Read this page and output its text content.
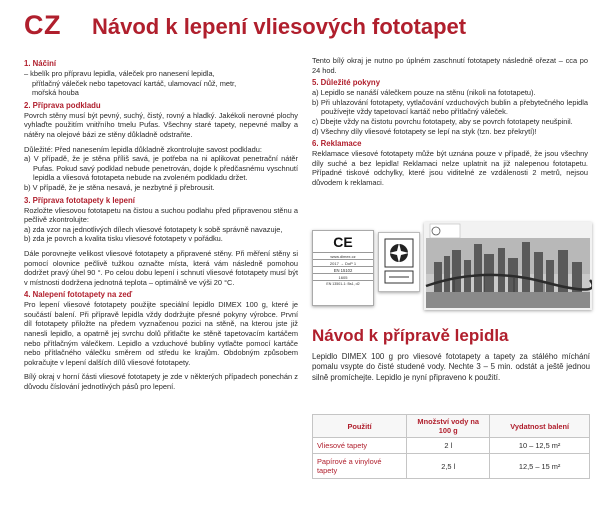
CZ Návod k lepení vliesových fototapet

1. Náčiní

– kbelík pro přípravu lepidla, váleček pro nanesení lepidla,

přítlačný váleček nebo tapetovací kartáč, ulamovací nůž, metr,

mořská houba

2. Příprava podkladu

Povrch stěny musí být pevný, suchý, čistý, rovný a hladký. Jakékoli nerovné plochy vyhlaďte použitím vnitřního tmelu Pufas. Všechny staré tapety, nepevné malby a nátěry na olejové bázi ze stěny důkladně odstraňte.

Důležité: Před nanesením lepidla důkladně zkontrolujte savost podkladu:

a) V případě, že je stěna příliš savá, je potřeba na ni aplikovat penetrační nátěr Pufas. Pokud savý podklad nebude penetrován, dojde k předčasnému vyschnutí lepidla a vliesová fototapeta nebude na zvoleném podkladu držet.

b) V případě, že je stěna nesavá, je nezbytné ji přebrousit.

3. Příprava fototapety k lepení

Rozložte vliesovou fototapetu na čistou a suchou podlahu před připravenou stěnu a pečlivě zkontrolujte:

a) zda vzor na jednotlivých dílech vliesové fototapety k sobě správně navazuje,

b) zda je povrch a kvalita tisku vliesové fototapety v pořádku.

Dále porovnejte velikost vliesové fototapety a připravené stěny. Při měření stěny si pomocí olovnice pečlivě tužkou označte místa, která vám následně pomohou dodržet pravý úhel 90 °. Po celou dobu lepení i schnutí vliesové fototapety musí být v místnosti dodržena jednotná teplota – optimálně ve výši 20 °C.

4. Nalepení fototapety na zeď

Pro lepení vliesové fototapety použijte speciální lepidlo DIMEX 100 g, které je součástí balení. Při přípravě lepidla vždy dodržujte přesné pokyny výrobce. První díl fototapety přiložte na předem vyznačenou pozici na stěně, na kterou jste již nanesli lepidlo, a opatrně jej svrchu dolů přitlačte ke stěně tapetovacím kartáčem nebo přítlačným válečkem. Lepidlo a vzduchové bubliny vytlačte pomocí kartáče nebo přítlačného válečku směrem od středu ke krajům. Obdobným způsobem pokračujte v lepení dalších dílů vliesové fototapety.

Bílý okraj v horní části vliesové fototapety je zde v některých případech ponechán z důvodu číslování jednotlivých pásů pro lepení.

Tento bílý okraj je nutno po úplném zaschnutí fototapety následně ořezat – cca po 24 hod.

5. Důležité pokyny

a) Lepidlo se nanáší válečkem pouze na stěnu (nikoli na fototapetu).

b) Při uhlazování fototapety, vytlačování vzduchových bublin a přebytečného lepidla používejte vždy tapetovací kartáč nebo přítlačný váleček.

c) Dbejte vždy na čistotu povrchu fototapety, aby se povrch fototapety neušpinil.

d) Všechny díly vliesové fototapety se lepí na styk (tzn. bez překrytí)!

6. Reklamace

Reklamace vliesové fototapety může být uznána pouze v případě, že jsou všechny díly suché a bez lepidla! Reklamaci nelze uplatnit na již nalepenou fototapetu. Případné tiskové odchylky, které jsou viditelné ze vzdálenosti 2 metrů, nejsou důvodem k reklamaci.

CE
www.dimex.cz
2017 → DoP 1
EN 15102
1605
EN 13501-1: Bs1, d2
Návod k přípravě lepidla
Lepidlo DIMEX 100 g pro vliesové fototapety a tapety za stálého míchání pomalu vsypte do čisté studené vody. Nechte 3 – 5 min. odstát a ještě jednou silně promíchejte. Lepidlo je nyní připraveno k použití.
Použití	Množství vody na 100 g	Vydatnost balení
Vliesové tapety	2 l	10 – 12,5 m²
Papírové a vinylové tapety	2,5 l	12,5 – 15 m²
